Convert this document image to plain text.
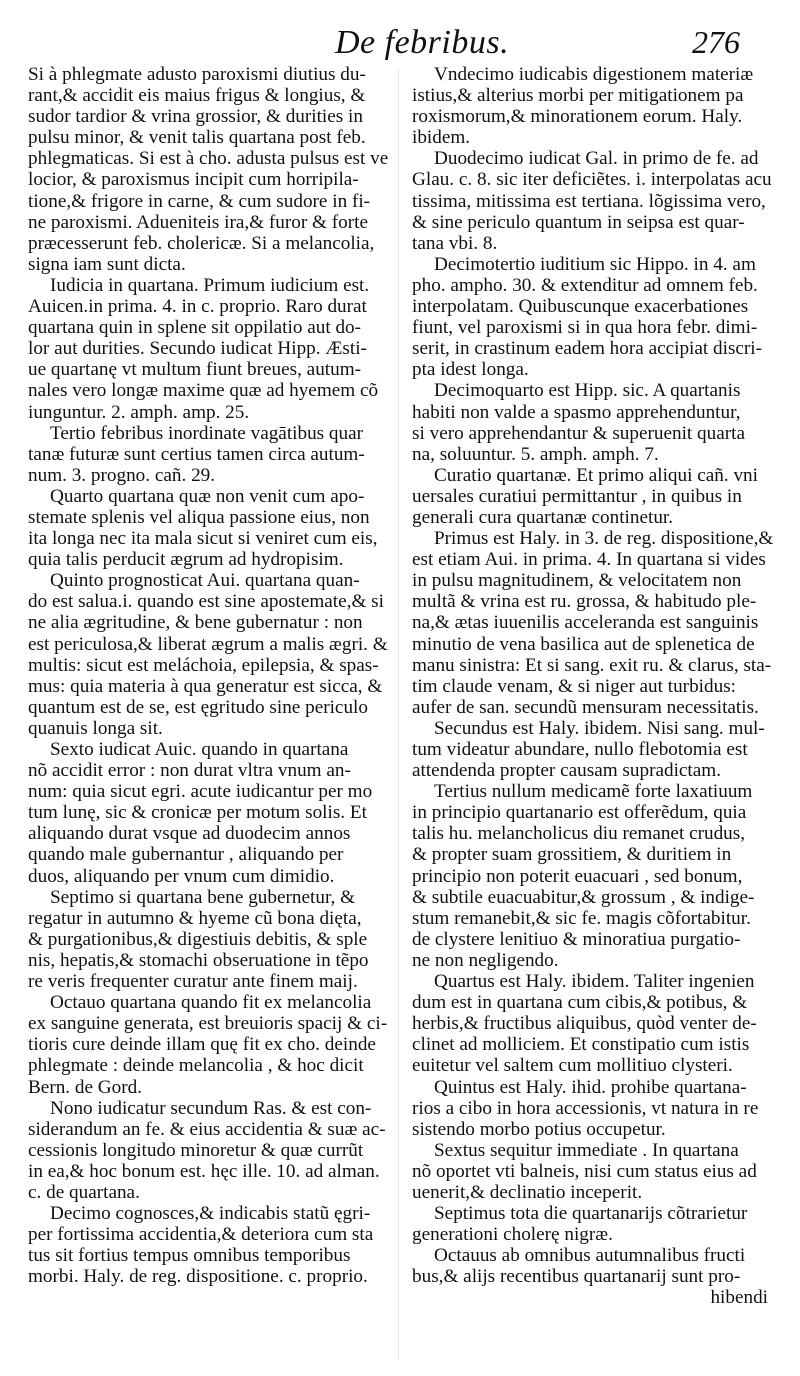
De febribus.	276
Si à phlegmate adusto paroxismi diutius du-
rant,& accidit eis maius frigus & longius, &
sudor tardior & vrina grossior, & durities in
pulsu minor, & venit talis quartana post feb.
phlegmaticas. Si est à cho. adusta pulsus est ve
locior, & paroxismus incipit cum horripila-
tione,& frigore in carne, & cum sudore in fi-
ne paroxismi. Adueniteis ira,& furor & forte
præcesserunt feb. cholericæ. Si a melancolia,
signa iam sunt dicta.
Iudicia in quartana. Primum iudicium est.
Auicen.in prima. 4. in c. proprio. Raro durat
quartana quin in splene sit oppilatio aut do-
lor aut durities. Secundo iudicat Hipp. Æsti-
ue quartanę vt multum fiunt breues, autum-
nales vero longæ maxime quæ ad hyemem cõ
iunguntur. 2. amph. amp. 25.
Tertio febribus inordinate vagātibus quar
tanæ futuræ sunt certius tamen circa autum-
num. 3. progno. cañ. 29.
Quarto quartana quæ non venit cum apo-
stemate splenis vel aliqua passione eius, non
ita longa nec ita mala sicut si veniret cum eis,
quia talis perducit ægrum ad hydropisim.
Quinto prognosticat Aui. quartana quan-
do est salua.i. quando est sine apostemate,& si
ne alia ægritudine, & bene gubernatur : non
est periculosa,& liberat ægrum a malis ægri. &
multis: sicut est meláchoia, epilepsia, & spas-
mus: quia materia à qua generatur est sicca, &
quantum est de se, est ęgritudo sine periculo
quanuis longa sit.
Sexto iudicat Auic. quando in quartana
nõ accidit error : non durat vltra vnum an-
num: quia sicut egri. acute iudicantur per mo
tum lunę, sic & cronicæ per motum solis. Et
aliquando durat vsque ad duodecim annos
quando male gubernantur , aliquando per
duos, aliquando per vnum cum dimidio.
Septimo si quartana bene gubernetur, &
regatur in autumno & hyeme cũ bona dięta,
& purgationibus,& digestiuis debitis, & sple
nis, hepatis,& stomachi obseruatione in tẽpo
re veris frequenter curatur ante finem maij.
Octauo quartana quando fit ex melancolia
ex sanguine generata, est breuioris spacij & ci-
tioris cure deinde illam quę fit ex cho. deinde
phlegmate : deinde melancolia , & hoc dicit
Bern. de Gord.
Nono iudicatur secundum Ras. & est con-
siderandum an fe. & eius accidentia & suæ ac-
cessionis longitudo minoretur & quæ currũt
in ea,& hoc bonum est. hęc ille. 10. ad alman.
c. de quartana.
Decimo cognosces,& indicabis statũ ęgri-
per fortissima accidentia,& deteriora cum sta
tus sit fortius tempus omnibus temporibus
morbi. Haly. de reg. dispositione. c. proprio.
Vndecimo iudicabis digestionem materiæ
istius,& alterius morbi per mitigationem pa
roxismorum,& minorationem eorum. Haly.
ibidem.
Duodecimo iudicat Gal. in primo de fe. ad
Glau. c. 8. sic iter deficiẽtes. i. interpolatas acu
tissima, mitissima est tertiana. lõgissima vero,
& sine periculo quantum in seipsa est quar-
tana vbi. 8.
Decimotertio iuditium sic Hippo. in 4. am
pho. ampho. 30. & extenditur ad omnem feb.
interpolatam. Quibuscunque exacerbationes
fiunt, vel paroxismi si in qua hora febr. dimi-
serit, in crastinum eadem hora accipiat discri-
pta idest longa.
Decimoquarto est Hipp. sic. A quartanis
habiti non valde a spasmo apprehenduntur,
si vero apprehendantur & superuenit quarta
na, soluuntur. 5. amph. amph. 7.
Curatio quartanæ. Et primo aliqui cañ. vni
uersales curatiui permittantur , in quibus in
generali cura quartanæ continetur.
Primus est Haly. in 3. de reg. dispositione,&
est etiam Aui. in prima. 4. In quartana si vides
in pulsu magnitudinem, & velocitatem non
multã & vrina est ru. grossa, & habitudo ple-
na,& ætas iuuenilis acceleranda est sanguinis
minutio de vena basilica aut de splenetica de
manu sinistra: Et si sang. exit ru. & clarus, sta-
tim claude venam, & si niger aut turbidus:
aufer de san. secundũ mensuram necessitatis.
Secundus est Haly. ibidem. Nisi sang. mul-
tum videatur abundare, nullo flebotomia est
attendenda propter causam supradictam.
Tertius nullum medicamẽ forte laxatiuum
in principio quartanario est offerẽdum, quia
talis hu. melancholicus diu remanet crudus,
& propter suam grossitiem, & duritiem in
principio non poterit euacuari , sed bonum,
& subtile euacuabitur,& grossum , & indige-
stum remanebit,& sic fe. magis cõfortabitur.
de clystere lenitiuo & minoratiua purgatio-
ne non negligendo.
Quartus est Haly. ibidem. Taliter ingenien
dum est in quartana cum cibis,& potibus, &
herbis,& fructibus aliquibus, quòd venter de-
clinet ad molliciem. Et constipatio cum istis
euitetur vel saltem cum mollitiuo clysteri.
Quintus est Haly. ihid. prohibe quartana-
rios a cibo in hora accessionis, vt natura in re
sistendo morbo potius occupetur.
Sextus sequitur immediate . In quartana
nõ oportet vti balneis, nisi cum status eius ad
uenerit,& declinatio inceperit.
Septimus tota die quartanarijs cõtrarietur
generationi cholerę nigræ.
Octauus ab omnibus autumnalibus fructi
bus,& alijs recentibus quartanarij sunt pro-
hibendi
